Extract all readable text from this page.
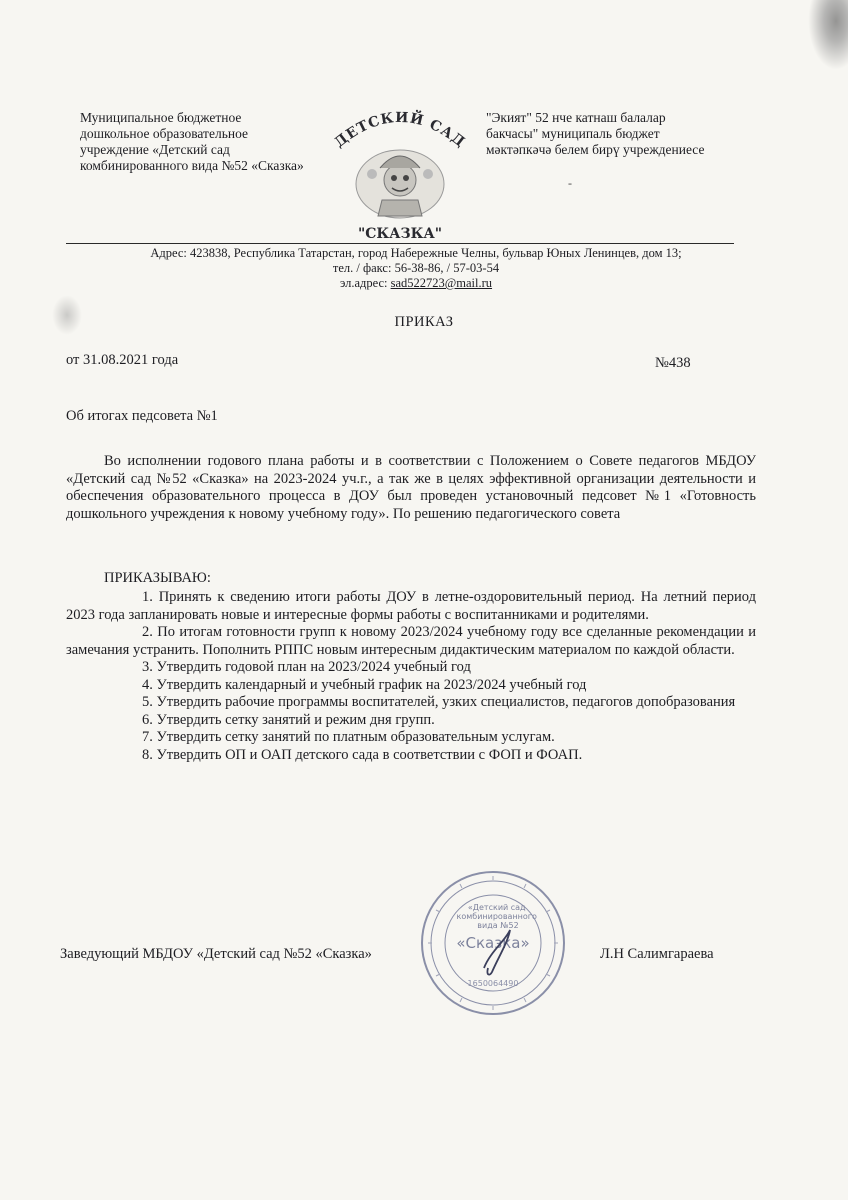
Муниципальное бюджетное
дошкольное образовательное
учреждение «Детский сад
комбинированного вида №52 «Сказка»
ДЕТСКИЙ САД
"СКАЗКА"
"Экият" 52 нче катнаш балалар
бакчасы" муниципаль бюджет
мәктәпкәчә белем бирү учреждениесе
-
Адрес: 423838, Республика Татарстан, город Набережные Челны, бульвар Юных Ленинцев, дом 13;
тел. / факс: 56-38-86, / 57-03-54
эл.адрес: sad522723@mail.ru
ПРИКАЗ
от 31.08.2021 года	№438
Об итогах педсовета №1
Во исполнении годового плана работы и в соответствии с Положением о Совете педагогов МБДОУ «Детский сад №52 «Сказка» на 2023-2024 уч.г., а так же в целях эффективной организации деятельности и обеспечения образовательного процесса в ДОУ был проведен установочный педсовет №1 «Готовность дошкольного учреждения к новому учебному году». По решению педагогического совета
ПРИКАЗЫВАЮ:

1. Принять к сведению итоги работы ДОУ в летне-оздоровительный период. На летний период 2023 года запланировать новые и интересные формы работы с воспитанниками и родителями.

2. По итогам готовности групп к новому 2023/2024 учебному году все сделанные рекомендации и замечания устранить. Пополнить РППС новым интересным дидактическим материалом по каждой области.

3. Утвердить годовой план на 2023/2024 учебный год

4. Утвердить календарный и учебный график на 2023/2024 учебный год

5. Утвердить рабочие программы воспитателей, узких специалистов, педагогов допобразования

6. Утвердить сетку занятий и режим дня групп.

7. Утвердить сетку занятий по платным образовательным услугам.

8. Утвердить ОП и ОАП детского сада в соответствии с ФОП и ФОАП.

«Детский сад комбинированного вида №52
«Сказка»
1650064490
Заведующий МБДОУ «Детский сад №52 «Сказка»	Л.Н Салимгараева
